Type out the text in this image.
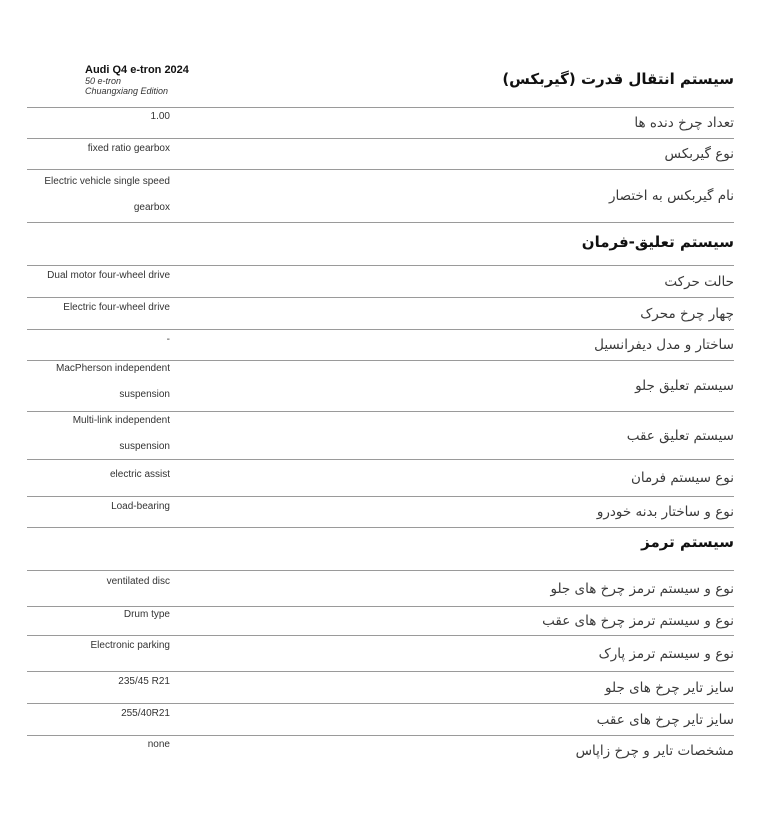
Audi Q4 e-tron 2024
50 e-tron
Chuangxiang Edition
سیستم انتقال قدرت (گیربکس)
1.00	تعداد چرخ دنده ها
fixed ratio gearbox	نوع گیربکس
Electric vehicle single speed
gearbox
نام گیربکس به اختصار
سیستم تعلیق-فرمان
Dual motor four-wheel drive	حالت حرکت
Electric four-wheel drive	چهار چرخ محرک
-	ساختار و مدل دیفرانسیل
MacPherson independent
suspension
سیستم تعلیق جلو
Multi-link independent
suspension
سیستم تعلیق عقب
electric assist	نوع سیستم فرمان
Load-bearing	نوع و ساختار بدنه خودرو
سیستم ترمز
ventilated disc	نوع و سیستم ترمز چرخ های جلو
Drum type	نوع و سیستم ترمز چرخ های عقب
Electronic parking	نوع و سیستم ترمز پارک
235/45 R21	سایز تایر چرخ های جلو
255/40R21	سایز تایر چرخ های عقب
none	مشخصات تایر و چرخ زاپاس
